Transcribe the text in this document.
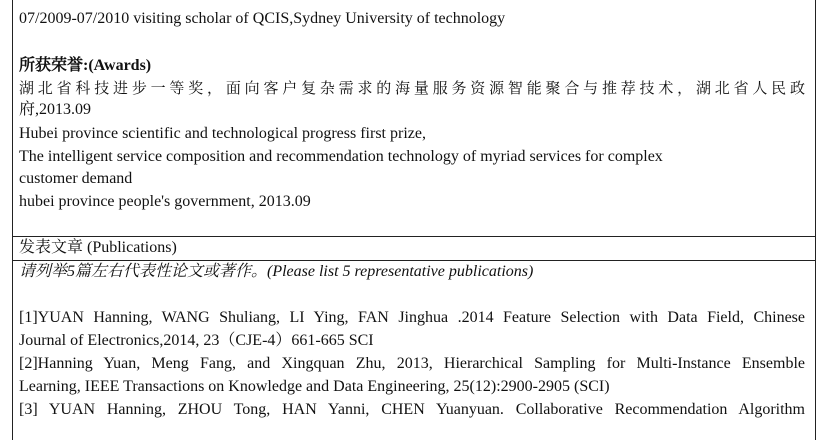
07/2009-07/2010 visiting scholar of QCIS,Sydney University of technology
所获荣誉:(Awards)
湖北省科技进步一等奖，面向客户复杂需求的海量服务资源智能聚合与推荐技术，湖北省人民政
府,2013.09
Hubei province scientific and technological progress first prize,
The intelligent service composition and recommendation technology of myriad services for complex
customer demand
hubei province people's government, 2013.09
发表文章 (Publications)
请列举5篇左右代表性论文或著作。(Please list 5 representative publications)
[1]YUAN Hanning, WANG Shuliang, LI Ying, FAN Jinghua .2014 Feature Selection with Data Field, Chinese
Journal of Electronics,2014, 23（CJE-4）661-665 SCI
[2]Hanning Yuan, Meng Fang, and Xingquan Zhu, 2013, Hierarchical Sampling for Multi-Instance Ensemble
Learning, IEEE Transactions on Knowledge and Data Engineering, 25(12):2900-2905 (SCI)
[3] YUAN Hanning, ZHOU Tong, HAN Yanni, CHEN Yuanyuan. Collaborative Recommendation Algorithm
